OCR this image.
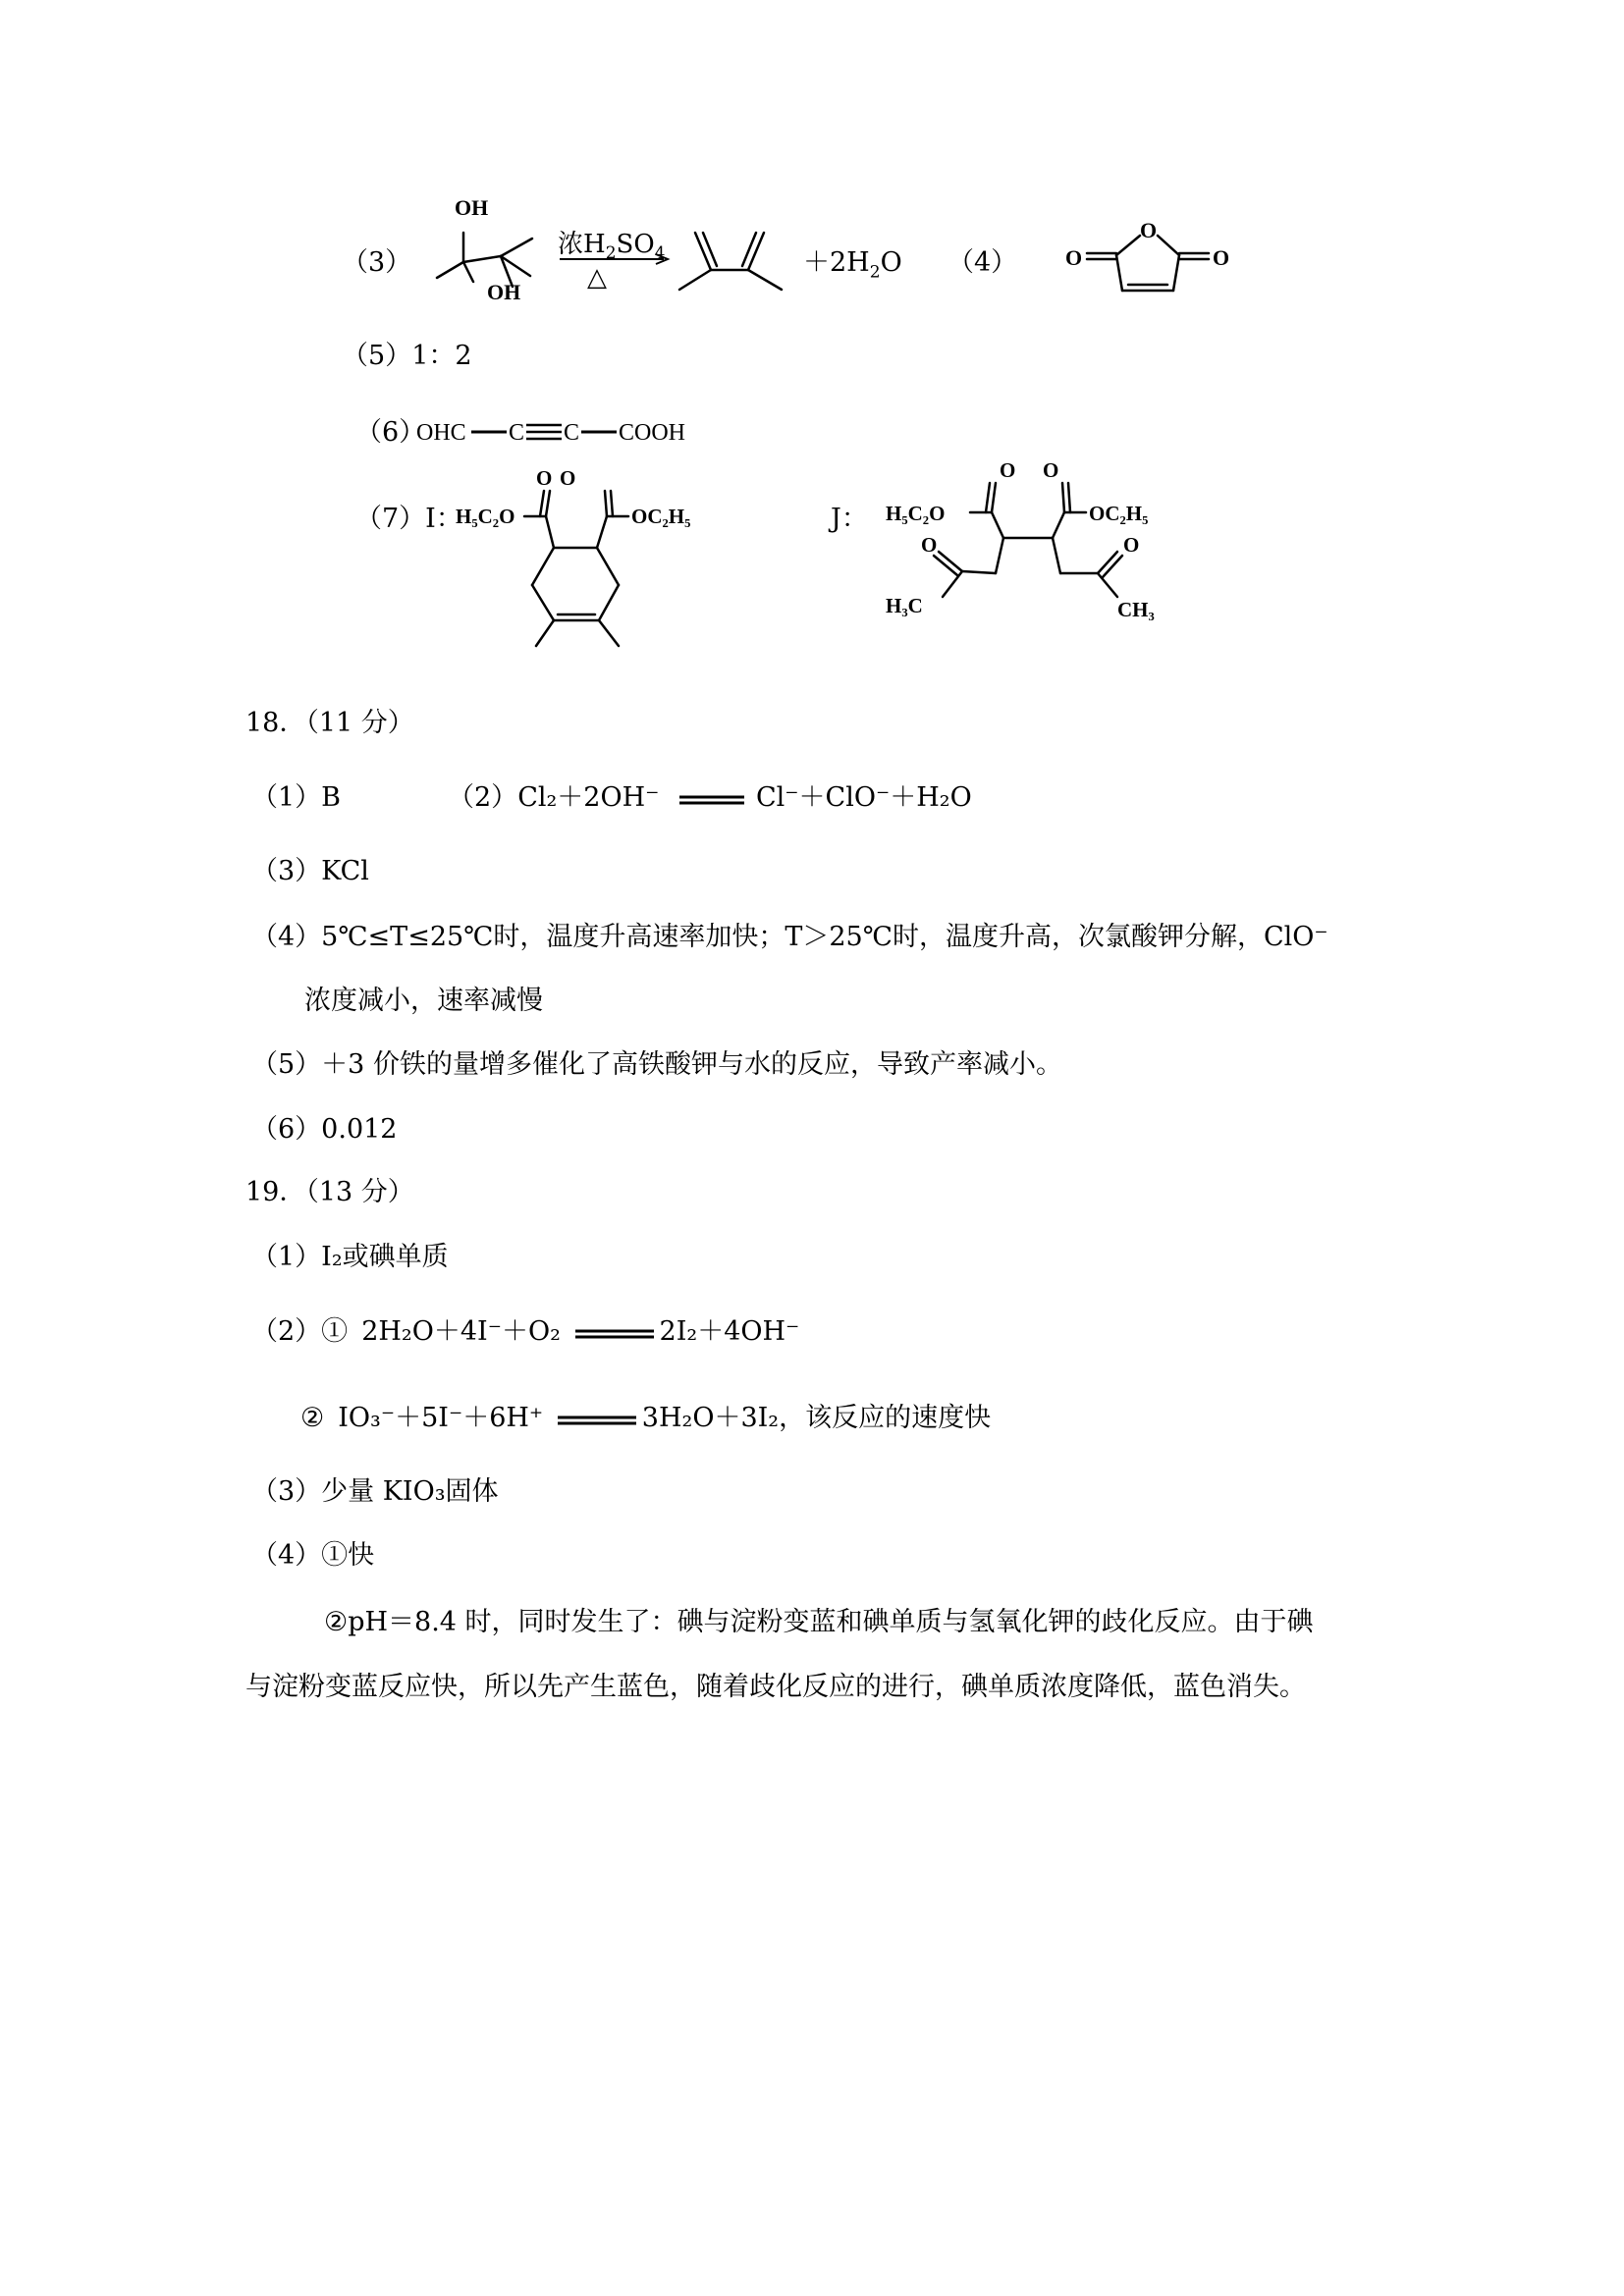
（3）
OH
OH
浓$H_2SO_4$
△	$+2H_2O$ （4） O
O
O
（5）1：2
（6）
OHC C C COOH
（7）I：
O O
H₅C₂O	OC₂H₅	J：
O O
H₅C₂O	OC₂H₅
O	O
H₃C	CH₃
18．（11 分）
（1）B	（2）Cl₂＋2OH⁻	Cl⁻＋ClO⁻＋H₂O
（3）KCl
（4）5℃≤T≤25℃时，温度升高速率加快；T＞25℃时，温度升高，次氯酸钾分解，ClO⁻
浓度减小，速率减慢
（5）＋3 价铁的量增多催化了高铁酸钾与水的反应，导致产率减小。
（6）0.012
19．（13 分）
（1）I₂或碘单质
（2）① 2H₂O＋4I⁻＋O₂	2I₂＋4OH⁻
② IO₃⁻＋5I⁻＋6H⁺	3H₂O＋3I₂，该反应的速度快
（3）少量 KIO₃固体
（4）①快
②pH＝8.4 时，同时发生了：碘与淀粉变蓝和碘单质与氢氧化钾的歧化反应。由于碘
与淀粉变蓝反应快，所以先产生蓝色，随着歧化反应的进行，碘单质浓度降低，蓝色消失。
